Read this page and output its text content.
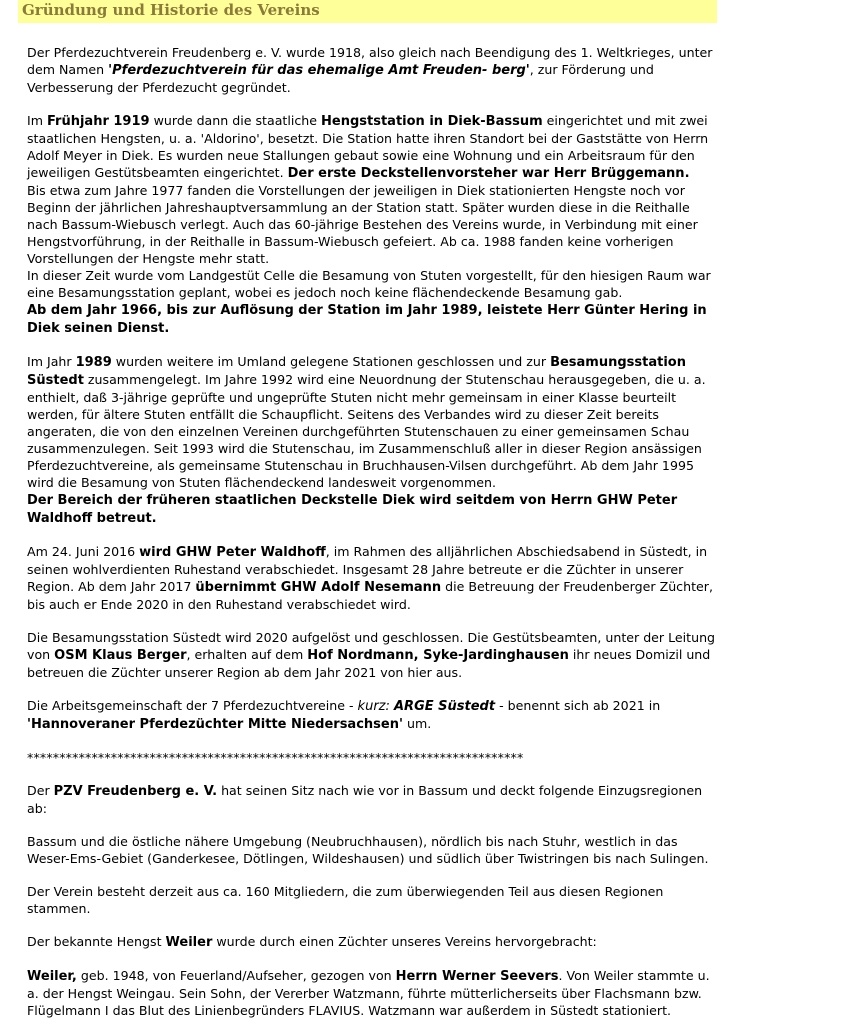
Gründung und Historie des Vereins

Der Pferdezuchtverein Freudenberg e. V. wurde 1918, also gleich nach Beendigung des 1. Weltkrieges, unter dem Namen 'Pferdezuchtverein für das ehemalige Amt Freuden- berg', zur Förderung und Verbesserung der Pferdezucht gegründet.

Im Frühjahr 1919 wurde dann die staatliche Hengststation in Diek-Bassum eingerichtet und mit zwei staatlichen Hengsten, u. a. 'Aldorino', besetzt. Die Station hatte ihren Standort bei der Gaststätte von Herrn Adolf Meyer in Diek. Es wurden neue Stallungen gebaut sowie eine Wohnung und ein Arbeitsraum für den jeweiligen Gestütsbeamten eingerichtet. Der erste Deckstellenvorsteher war Herr Brüggemann.
Bis etwa zum Jahre 1977 fanden die Vorstellungen der jeweiligen in Diek stationierten Hengste noch vor Beginn der jährlichen Jahreshauptversammlung an der Station statt. Später wurden diese in die Reithalle nach Bassum-Wiebusch verlegt. Auch das 60-jährige Bestehen des Vereins wurde, in Verbindung mit einer Hengstvorführung, in der Reithalle in Bassum-Wiebusch gefeiert. Ab ca. 1988 fanden keine vorherigen Vorstellungen der Hengste mehr statt.
In dieser Zeit wurde vom Landgestüt Celle die Besamung von Stuten vorgestellt, für den hiesigen Raum war eine Besamungsstation geplant, wobei es jedoch noch keine flächendeckende Besamung gab.
Ab dem Jahr 1966, bis zur Auflösung der Station im Jahr 1989, leistete Herr Günter Hering in Diek seinen Dienst.

Im Jahr 1989 wurden weitere im Umland gelegene Stationen geschlossen und zur Besamungsstation Süstedt zusammengelegt. Im Jahre 1992 wird eine Neuordnung der Stutenschau herausgegeben, die u. a. enthielt, daß 3-jährige geprüfte und ungeprüfte Stuten nicht mehr gemeinsam in einer Klasse beurteilt werden, für ältere Stuten entfällt die Schaupflicht. Seitens des Verbandes wird zu dieser Zeit bereits angeraten, die von den einzelnen Vereinen durchgeführten Stutenschauen zu einer gemeinsamen Schau zusammenzulegen. Seit 1993 wird die Stutenschau, im Zusammenschluß aller in dieser Region ansässigen Pferdezuchtvereine, als gemeinsame Stutenschau in Bruchhausen-Vilsen durchgeführt. Ab dem Jahr 1995 wird die Besamung von Stuten flächendeckend landesweit vorgenommen.
Der Bereich der früheren staatlichen Deckstelle Diek wird seitdem von Herrn GHW Peter Waldhoff betreut.

Am 24. Juni 2016 wird GHW Peter Waldhoff, im Rahmen des alljährlichen Abschiedsabend in Süstedt, in seinen wohlverdienten Ruhestand verabschiedet. Insgesamt 28 Jahre betreute er die Züchter in unserer Region. Ab dem Jahr 2017 übernimmt GHW Adolf Nesemann die Betreuung der Freudenberger Züchter, bis auch er Ende 2020 in den Ruhestand verabschiedet wird.

Die Besamungsstation Süstedt wird 2020 aufgelöst und geschlossen. Die Gestütsbeamten, unter der Leitung von OSM Klaus Berger, erhalten auf dem Hof Nordmann, Syke-Jardinghausen ihr neues Domizil und betreuen die Züchter unserer Region ab dem Jahr 2021 von hier aus.

Die Arbeitsgemeinschaft der 7 Pferdezuchtvereine - kurz: ARGE Süstedt - benennt sich ab 2021 in 'Hannoveraner Pferdezüchter Mitte Niedersachsen' um.

*****************************************************************************

Der PZV Freudenberg e. V. hat seinen Sitz nach wie vor in Bassum und deckt folgende Einzugsregionen ab:

Bassum und die östliche nähere Umgebung (Neubruchhausen), nördlich bis nach Stuhr, westlich in das Weser-Ems-Gebiet (Ganderkesee, Dötlingen, Wildeshausen) und südlich über Twistringen bis nach Sulingen.

Der Verein besteht derzeit aus ca. 160 Mitgliedern, die zum überwiegenden Teil aus diesen Regionen stammen.

Der bekannte Hengst Weiler wurde durch einen Züchter unseres Vereins hervorgebracht:

Weiler, geb. 1948, von Feuerland/Aufseher, gezogen von Herrn Werner Seevers. Von Weiler stammte u. a. der Hengst Weingau. Sein Sohn, der Vererber Watzmann, führte mütterlicherseits über Flachsmann bzw. Flügelmann I das Blut des Linienbegründers FLAVIUS. Watzmann war außerdem in Süstedt stationiert.
